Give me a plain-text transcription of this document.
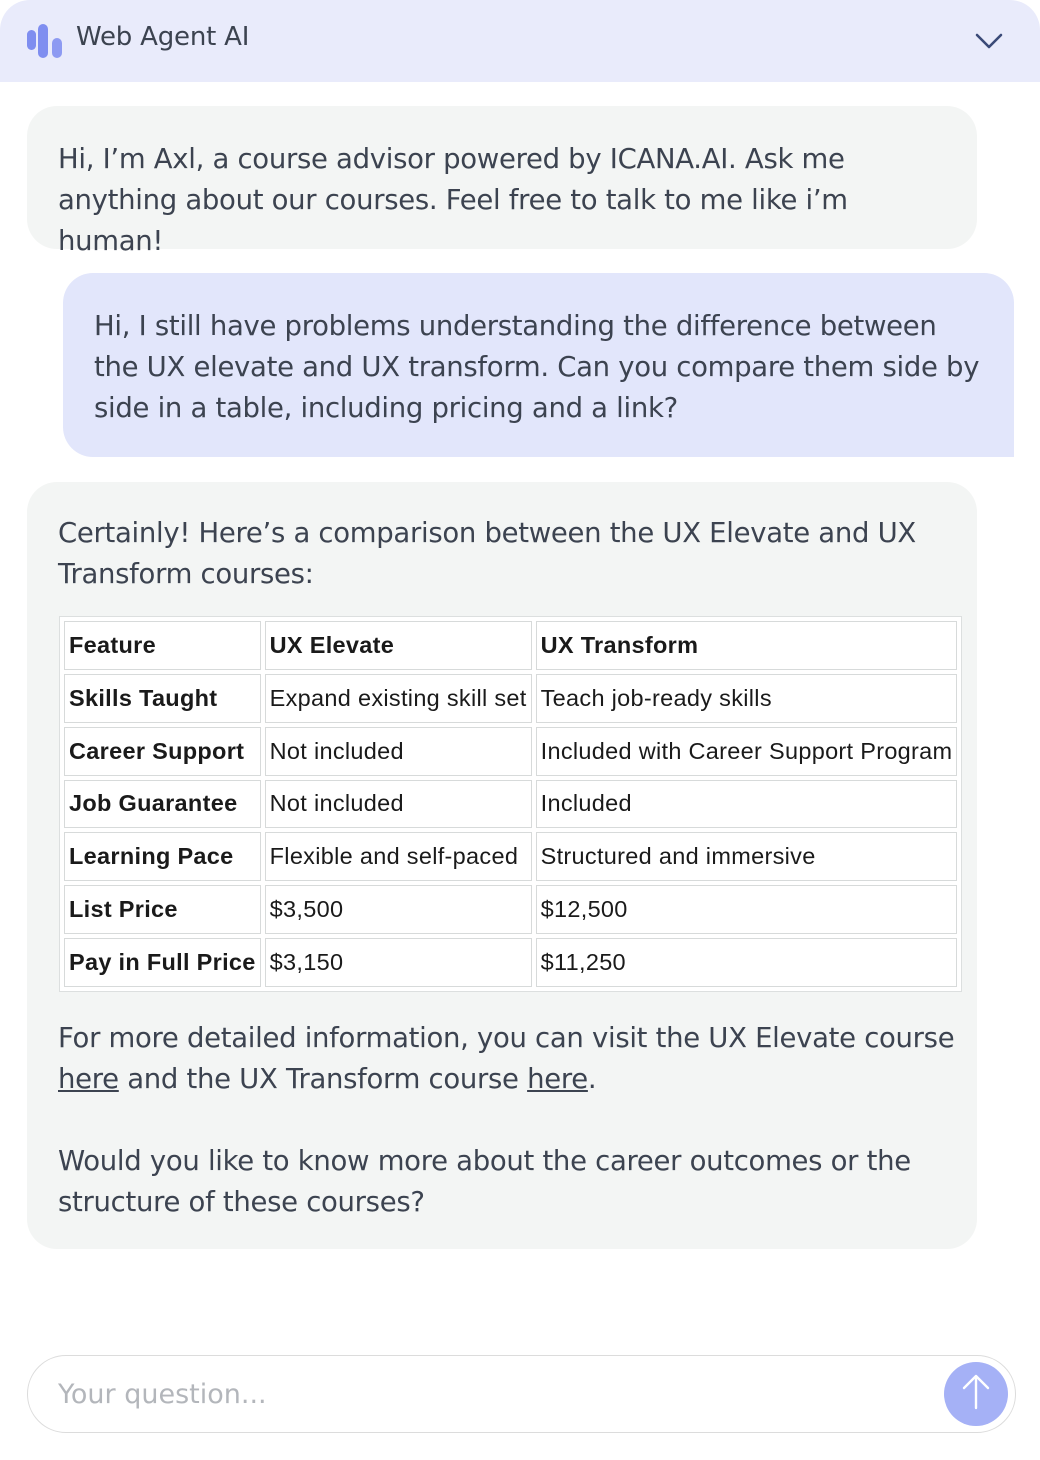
Web Agent AI
Hi, I’m Axl, a course advisor powered by ICANA.AI. Ask me anything about our courses. Feel free to talk to me like i’m human!
Hi, I still have problems understanding the difference between the UX elevate and UX transform. Can you compare them side by side in a table, including pricing and a link?
Certainly! Here’s a comparison between the UX Elevate and UX Transform courses:
Feature	UX Elevate	UX Transform
Skills Taught	Expand existing skill set	Teach job-ready skills
Career Support	Not included	Included with Career Support Program
Job Guarantee	Not included	Included
Learning Pace	Flexible and self-paced	Structured and immersive
List Price	$3,500	$12,500
Pay in Full Price	$3,150	$11,250
For more detailed information, you can visit the UX Elevate course here and the UX Transform course here.
Would you like to know more about the career outcomes or the structure of these courses?
Your question...
